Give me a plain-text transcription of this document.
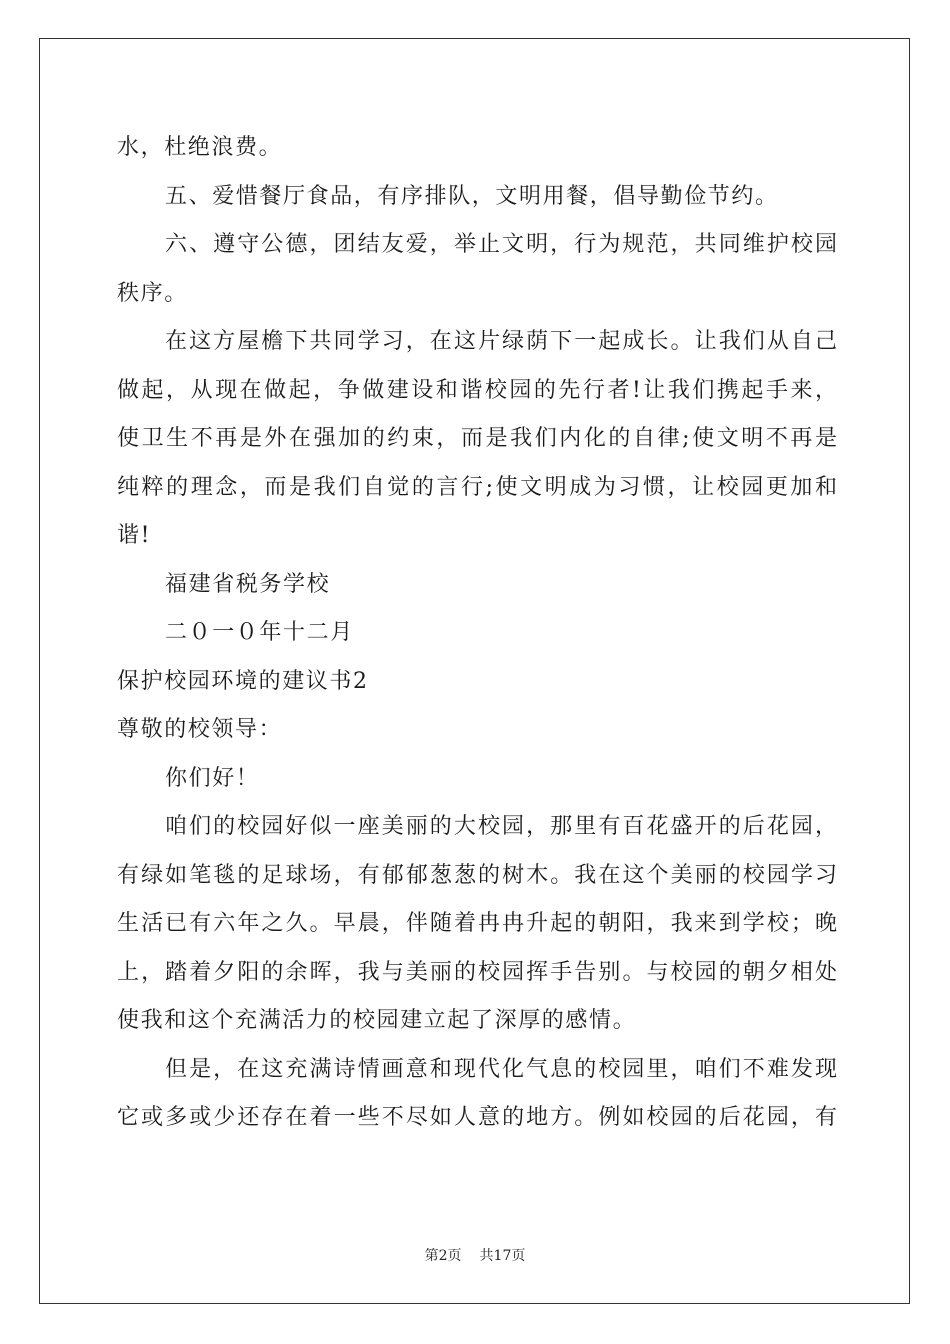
水，杜绝浪费。
五、爱惜餐厅食品，有序排队，文明用餐，倡导勤俭节约。
六、遵守公德，团结友爱，举止文明，行为规范，共同维护校园
秩序。
在这方屋檐下共同学习，在这片绿荫下一起成长。让我们从自己
做起，从现在做起，争做建设和谐校园的先行者!让我们携起手来，
使卫生不再是外在强加的约束，而是我们内化的自律;使文明不再是
纯粹的理念，而是我们自觉的言行;使文明成为习惯，让校园更加和
谐!
福建省税务学校
二０一０年十二月
保护校园环境的建议书2
尊敬的校领导：
你们好！
咱们的校园好似一座美丽的大校园，那里有百花盛开的后花园，
有绿如笔毯的足球场，有郁郁葱葱的树木。我在这个美丽的校园学习
生活已有六年之久。早晨，伴随着冉冉升起的朝阳，我来到学校；晚
上，踏着夕阳的余晖，我与美丽的校园挥手告别。与校园的朝夕相处
使我和这个充满活力的校园建立起了深厚的感情。
但是，在这充满诗情画意和现代化气息的校园里，咱们不难发现
它或多或少还存在着一些不尽如人意的地方。例如校园的后花园，有
第2页 共17页
